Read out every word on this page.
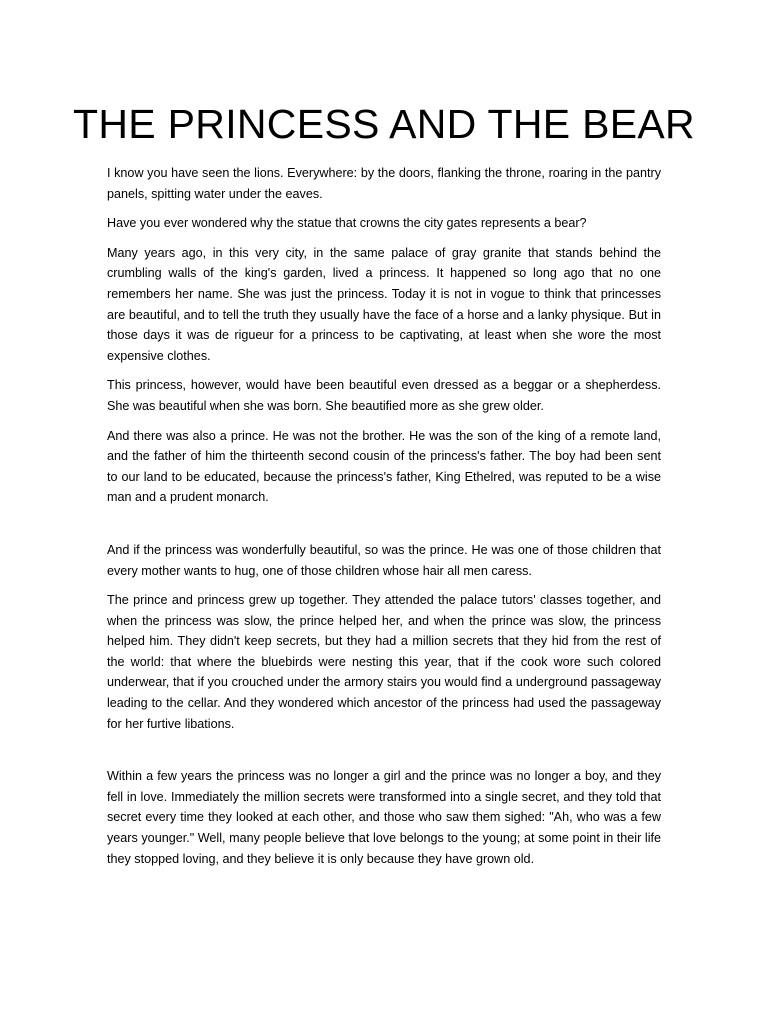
THE PRINCESS AND THE BEAR

I know you have seen the lions. Everywhere: by the doors, flanking the throne, roaring in the pantry panels, spitting water under the eaves.

Have you ever wondered why the statue that crowns the city gates represents a bear?

Many years ago, in this very city, in the same palace of gray granite that stands behind the crumbling walls of the king's garden, lived a princess. It happened so long ago that no one remembers her name. She was just the princess. Today it is not in vogue to think that princesses are beautiful, and to tell the truth they usually have the face of a horse and a lanky physique. But in those days it was de rigueur for a princess to be captivating, at least when she wore the most expensive clothes.

This princess, however, would have been beautiful even dressed as a beggar or a shepherdess. She was beautiful when she was born. She beautified more as she grew older.

And there was also a prince. He was not the brother. He was the son of the king of a remote land, and the father of him the thirteenth second cousin of the princess's father. The boy had been sent to our land to be educated, because the princess's father, King Ethelred, was reputed to be a wise man and a prudent monarch.

And if the princess was wonderfully beautiful, so was the prince. He was one of those children that every mother wants to hug, one of those children whose hair all men caress.

The prince and princess grew up together. They attended the palace tutors' classes together, and when the princess was slow, the prince helped her, and when the prince was slow, the princess helped him. They didn't keep secrets, but they had a million secrets that they hid from the rest of the world: that where the bluebirds were nesting this year, that if the cook wore such colored underwear, that if you crouched under the armory stairs you would find a underground passageway leading to the cellar. And they wondered which ancestor of the princess had used the passageway for her furtive libations.

Within a few years the princess was no longer a girl and the prince was no longer a boy, and they fell in love. Immediately the million secrets were transformed into a single secret, and they told that secret every time they looked at each other, and those who saw them sighed: "Ah, who was a few years younger." Well, many people believe that love belongs to the young; at some point in their life they stopped loving, and they believe it is only because they have grown old.
